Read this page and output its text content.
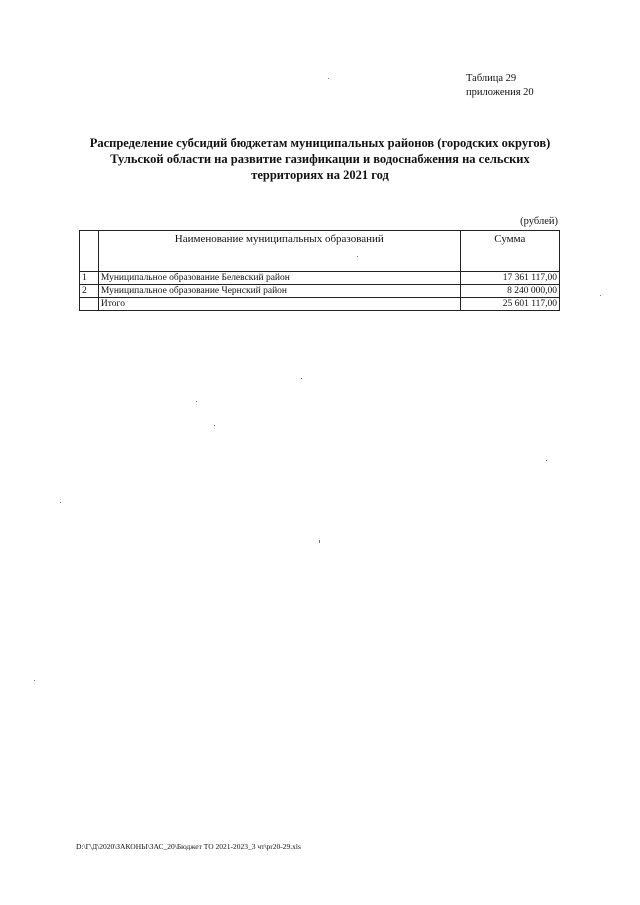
Таблица 29
приложения 20
Распределение субсидий бюджетам муниципальных районов (городских округов)
Тульской области на развитие газификации и водоснабжения на сельских
территориях на 2021 год
(рублей)
	Наименование муниципальных образований	Сумма
1	Муниципальное образование Белевский район	17 361 117,00
2	Муниципальное образование Чернский район	8 240 000,00
	Итого	25 601 117,00
D:\Г\Д\2020\ЗАКОНЫ\ЗАС_20\Бюджет ТО 2021-2023_3 чт\pr20-29.xls
